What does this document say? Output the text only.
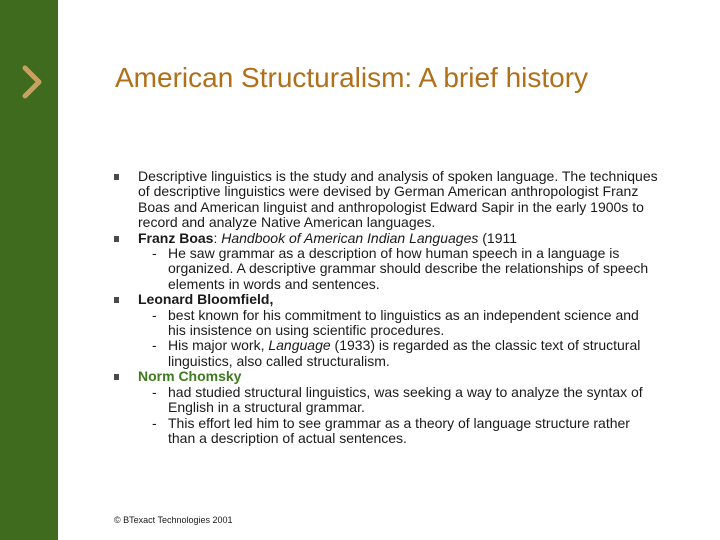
American Structuralism: A brief history
Descriptive linguistics is the study and analysis of spoken language. The techniques of descriptive linguistics were devised by German American anthropologist Franz Boas and American linguist and anthropologist Edward Sapir in the early 1900s to record and analyze Native American languages.
Franz Boas: Handbook of American Indian Languages (1911
- He saw grammar as a description of how human speech in a language is organized. A descriptive grammar should describe the relationships of speech elements in words and sentences.
Leonard Bloomfield,
- best known for his commitment to linguistics as an independent science and his insistence on using scientific procedures.
- His major work, Language (1933) is regarded as the classic text of structural linguistics, also called structuralism.
Norm Chomsky
- had studied structural linguistics, was seeking a way to analyze the syntax of English in a structural grammar.
- This effort led him to see grammar as a theory of language structure rather than a description of actual sentences.
© BTexact Technologies 2001
